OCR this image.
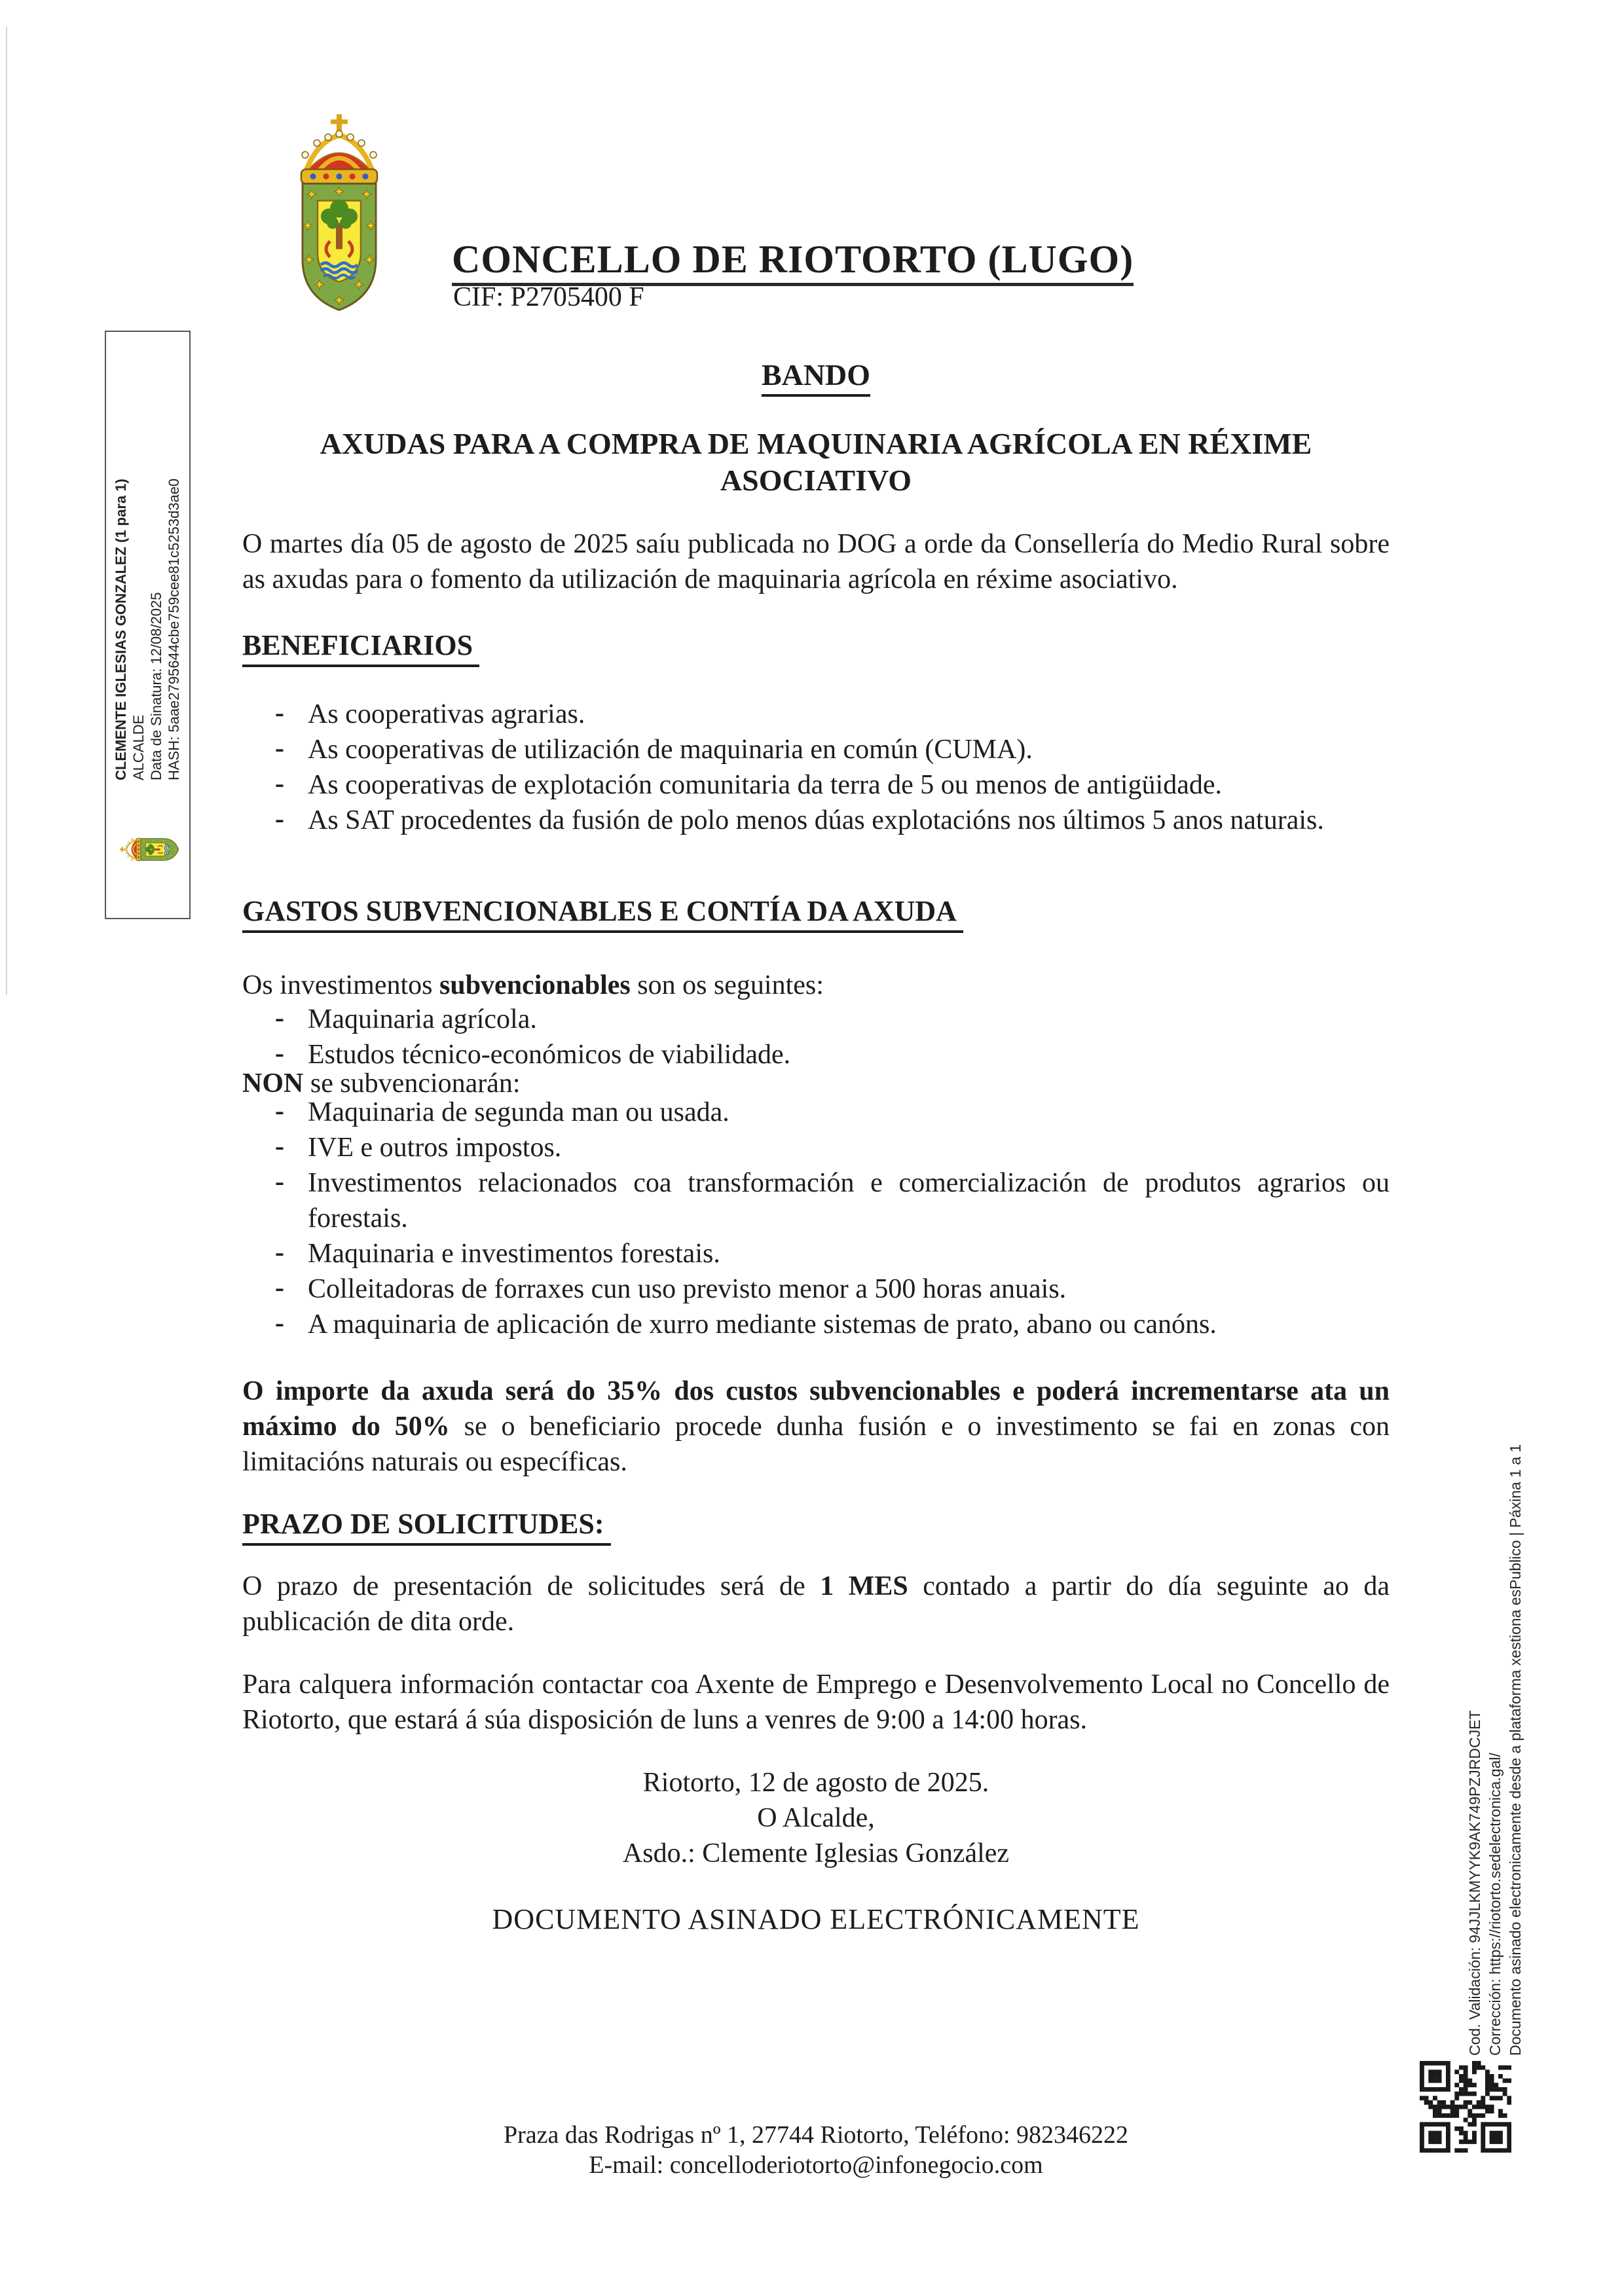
CONCELLO DE RIOTORTO (LUGO)
CIF: P2705400 F
BANDO
AXUDAS PARA A COMPRA DE MAQUINARIA AGRÍCOLA EN RÉXIME ASOCIATIVO

O martes día 05 de agosto de 2025 saíu publicada no DOG a orde da Consellería do Medio Rural sobre as axudas para o fomento da utilización de maquinaria agrícola en réxime asociativo.

BENEFICIARIOS
- As cooperativas agrarias.
- As cooperativas de utilización de maquinaria en común (CUMA).
- As cooperativas de explotación comunitaria da terra de 5 ou menos de antigüidade.
- As SAT procedentes da fusión de polo menos dúas explotacións nos últimos 5 anos naturais.
GASTOS SUBVENCIONABLES E CONTÍA DA AXUDA

Os investimentos subvencionables son os seguintes:

- Maquinaria agrícola.
- Estudos técnico-económicos de viabilidade.

NON se subvencionarán:

- Maquinaria de segunda man ou usada.
- IVE e outros impostos.
- Investimentos relacionados coa transformación e comercialización de produtos agrarios ou forestais.
- Maquinaria e investimentos forestais.
- Colleitadoras de forraxes cun uso previsto menor a 500 horas anuais.
- A maquinaria de aplicación de xurro mediante sistemas de prato, abano ou canóns.

O importe da axuda será do 35% dos custos subvencionables e poderá incrementarse ata un máximo do 50% se o beneficiario procede dunha fusión e o investimento se fai en zonas con limitacións naturais ou específicas.

PRAZO DE SOLICITUDES:

O prazo de presentación de solicitudes será de 1 MES contado a partir do día seguinte ao da publicación de dita orde.

Para calquera información contactar coa Axente de Emprego e Desenvolvemento Local no Concello de Riotorto, que estará á súa disposición de luns a venres de 9:00 a 14:00 horas.

Riotorto, 12 de agosto de 2025.
O Alcalde,
Asdo.: Clemente Iglesias González
DOCUMENTO ASINADO ELECTRÓNICAMENTE
Praza das Rodrigas nº 1, 27744 Riotorto, Teléfono: 982346222
E-mail: concelloderiotorto@infonegocio.com
CLEMENTE IGLESIAS GONZALEZ (1 para 1) ALCALDE Data de Sinatura: 12/08/2025 HASH: 5aae2795644cbe759cee81c5253d3ae0
Cod. Validación: 94JJLKMYYK9AK749PZJRDCJET Corrección: https://riotorto.sedelectronica.gal/ Documento asinado electronicamente desde a plataforma xestiona esPublico | Páxina 1 a 1
